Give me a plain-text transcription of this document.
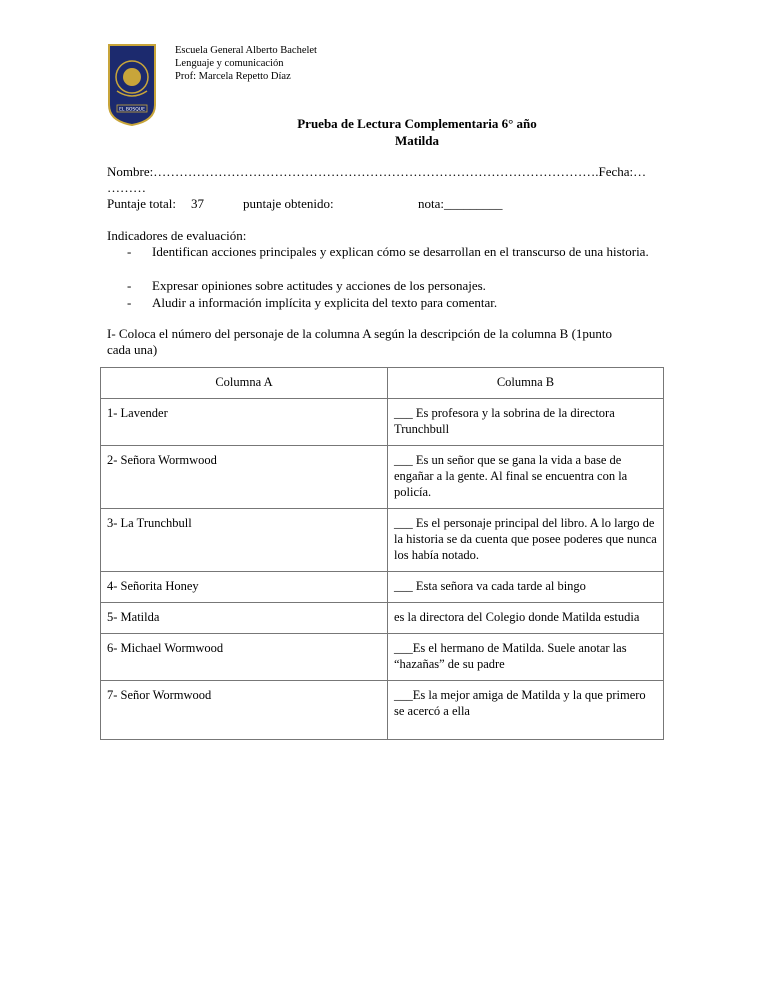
EL BOSQUE
Escuela General Alberto Bachelet
Lenguaje y comunicación
Prof: Marcela Repetto Díaz
Prueba de Lectura Complementaria 6° año
Matilda
Nombre:………………………………………………………………………………………….Fecha:…
………
Puntaje total: 37	puntaje obtenido:	nota:_________
Indicadores de evaluación:
- Identifican acciones principales y explican cómo se desarrollan en el transcurso de una historia.
- Expresar opiniones sobre actitudes y acciones de los personajes.
- Aludir a información implícita y explicita del texto para comentar.
I- Coloca el número del personaje de la columna A según la descripción de la columna B (1punto
cada una)
Columna A	Columna B
1- Lavender	___ Es profesora y la sobrina de la directora Trunchbull
2- Señora Wormwood	___ Es un señor que se gana la vida a base de engañar a la gente. Al final se encuentra con la policía.
3- La Trunchbull	___ Es el personaje principal del libro. A lo largo de la historia se da cuenta que posee poderes que nunca los había notado.
4- Señorita Honey	___ Esta señora va cada tarde al bingo
5- Matilda	es la directora del Colegio donde Matilda estudia
6- Michael Wormwood	___Es el hermano de Matilda. Suele anotar las “hazañas” de su padre
7- Señor Wormwood	___Es la mejor amiga de Matilda y la que primero se acercó a ella
